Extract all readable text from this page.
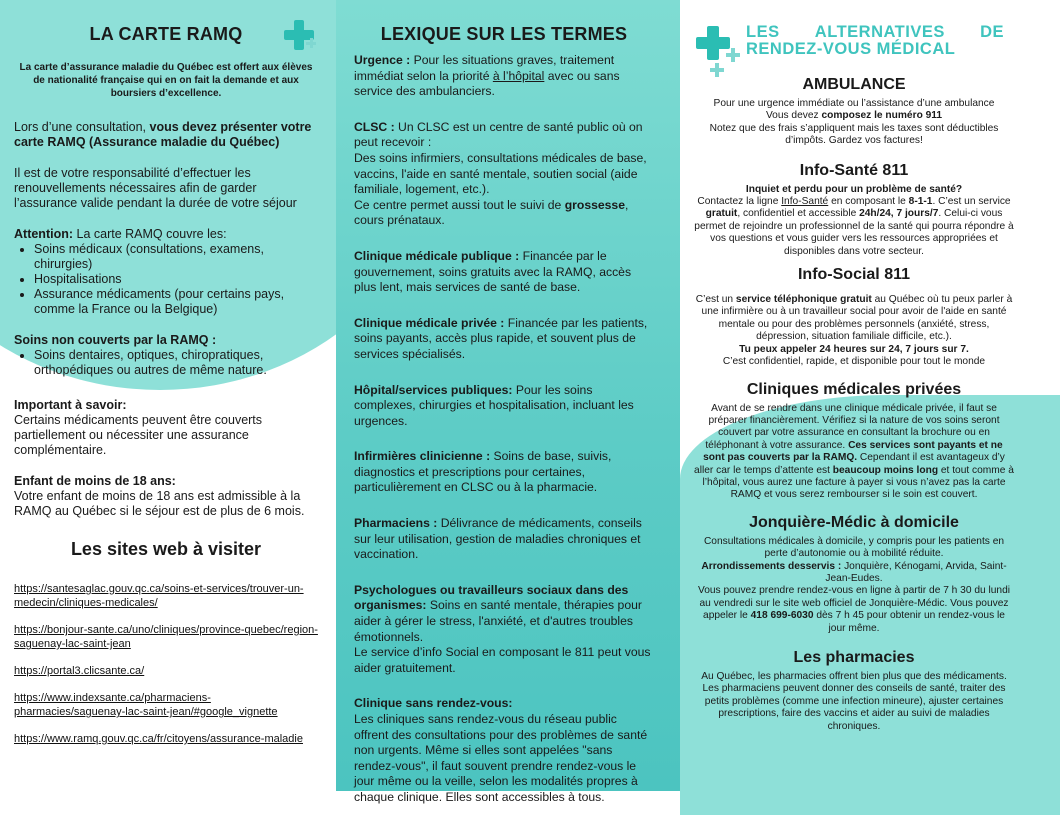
LA CARTE RAMQ
La carte d’assurance maladie du Québec est offert aux élèves de nationalité française qui en on fait la demande et aux boursiers d’excellence.
Lors d’une consultation, vous devez présenter votre carte RAMQ (Assurance maladie du Québec)
Il est de votre responsabilité d’effectuer les renouvellements nécessaires afin de garder l’assurance valide pendant la durée de votre séjour
Attention: La carte RAMQ couvre les:
• Soins médicaux (consultations, examens, chirurgies)
• Hospitalisations
• Assurance médicaments (pour certains pays, comme la France ou la Belgique)
Soins non couverts par la RAMQ :
• Soins dentaires, optiques, chiropratiques, orthopédiques ou autres de même nature.
Important à savoir:
Certains médicaments peuvent être couverts partiellement ou nécessiter une assurance complémentaire.
Enfant de moins de 18 ans:
Votre enfant de moins de 18 ans est admissible à la RAMQ au Québec si le séjour est de plus de 6 mois.
Les sites web à visiter
https://santesaglac.gouv.qc.ca/soins-et-services/trouver-un-medecin/cliniques-medicales/
https://bonjour-sante.ca/uno/cliniques/province-quebec/region-saguenay-lac-saint-jean
https://portal3.clicsante.ca/
https://www.indexsante.ca/pharmaciens-pharmacies/saguenay-lac-saint-jean/#google_vignette
https://www.ramq.gouv.qc.ca/fr/citoyens/assurance-maladie
LEXIQUE SUR LES TERMES
Urgence : Pour les situations graves, traitement immédiat selon la priorité à l’hôpital avec ou sans service des ambulanciers.
CLSC : Un CLSC est un centre de santé public où on peut recevoir :
Des soins infirmiers, consultations médicales de base, vaccins, l'aide en santé mentale, soutien social (aide familiale, logement, etc.).
Ce centre permet aussi tout le suivi de grossesse, cours prénataux.
Clinique médicale publique : Financée par le gouvernement, soins gratuits avec la RAMQ, accès plus lent, mais services de santé de base.
Clinique médicale privée : Financée par les patients, soins payants, accès plus rapide, et souvent plus de services spécialisés.
Hôpital/services publiques: Pour les soins complexes, chirurgies et hospitalisation, incluant les urgences.
Infirmières clinicienne : Soins de base, suivis, diagnostics et prescriptions pour certaines, particulièrement en CLSC ou à la pharmacie.
Pharmaciens : Délivrance de médicaments, conseils sur leur utilisation, gestion de maladies chroniques et vaccination.
Psychologues ou travailleurs sociaux dans des organismes: Soins en santé mentale, thérapies pour aider à gérer le stress, l'anxiété, et d'autres troubles émotionnels.
Le service d’info Social en composant le 811 peut vous aider gratuitement.
Clinique sans rendez-vous:
Les cliniques sans rendez-vous du réseau public offrent des consultations pour des problèmes de santé non urgents. Même si elles sont appelées "sans rendez-vous", il faut souvent prendre rendez-vous le jour même ou la veille, selon les modalités propres à chaque clinique. Elles sont accessibles à tous.
LES ALTERNATIVES DE
RENDEZ-VOUS MÉDICAL
AMBULANCE
Pour une urgence immédiate ou l’assistance d’une ambulance
Vous devez composez le numéro 911
Notez que des frais s’appliquent mais les taxes sont déductibles d’impôts. Gardez vos factures!
Info-Santé 811
Inquiet et perdu pour un problème de santé?
Contactez la ligne Info-Santé en composant le 8-1-1. C’est un service gratuit, confidentiel et accessible 24h/24, 7 jours/7. Celui-ci vous permet de rejoindre un professionnel de la santé qui pourra répondre à vos questions et vous guider vers les ressources appropriées et disponibles dans votre secteur.
Info-Social 811
C’est un service téléphonique gratuit au Québec où tu peux parler à une infirmière ou à un travailleur social pour avoir de l'aide en santé mentale ou pour des problèmes personnels (anxiété, stress, dépression, situation familiale difficile, etc.).
Tu peux appeler 24 heures sur 24, 7 jours sur 7.
C’est confidentiel, rapide, et disponible pour tout le monde
Cliniques médicales privées
Avant de se rendre dans une clinique médicale privée, il faut se préparer financièrement. Vérifiez si la nature de vos soins seront couvert par votre assurance en consultant la brochure ou en téléphonant à votre assurance. Ces services sont payants et ne sont pas couverts par la RAMQ. Cependant il est avantageux d’y aller car le temps d’attente est beaucoup moins long et tout comme à l’hôpital, vous aurez une facture à payer si vous n’avez pas la carte RAMQ et vous serez rembourser si le soin est couvert.
Jonquière-Médic à domicile
Consultations médicales à domicile, y compris pour les patients en perte d’autonomie ou à mobilité réduite.
Arrondissements desservis : Jonquière, Kénogami, Arvida, Saint-Jean-Eudes.
Vous pouvez prendre rendez-vous en ligne à partir de 7 h 30 du lundi au vendredi sur le site web officiel de Jonquière-Médic. Vous pouvez appeler le 418 699-6030 dès 7 h 45 pour obtenir un rendez-vous le jour même.
Les pharmacies
Au Québec, les pharmacies offrent bien plus que des médicaments.
Les pharmaciens peuvent donner des conseils de santé, traiter des petits problèmes (comme une infection mineure), ajuster certaines prescriptions, faire des vaccins et aider au suivi de maladies chroniques.
